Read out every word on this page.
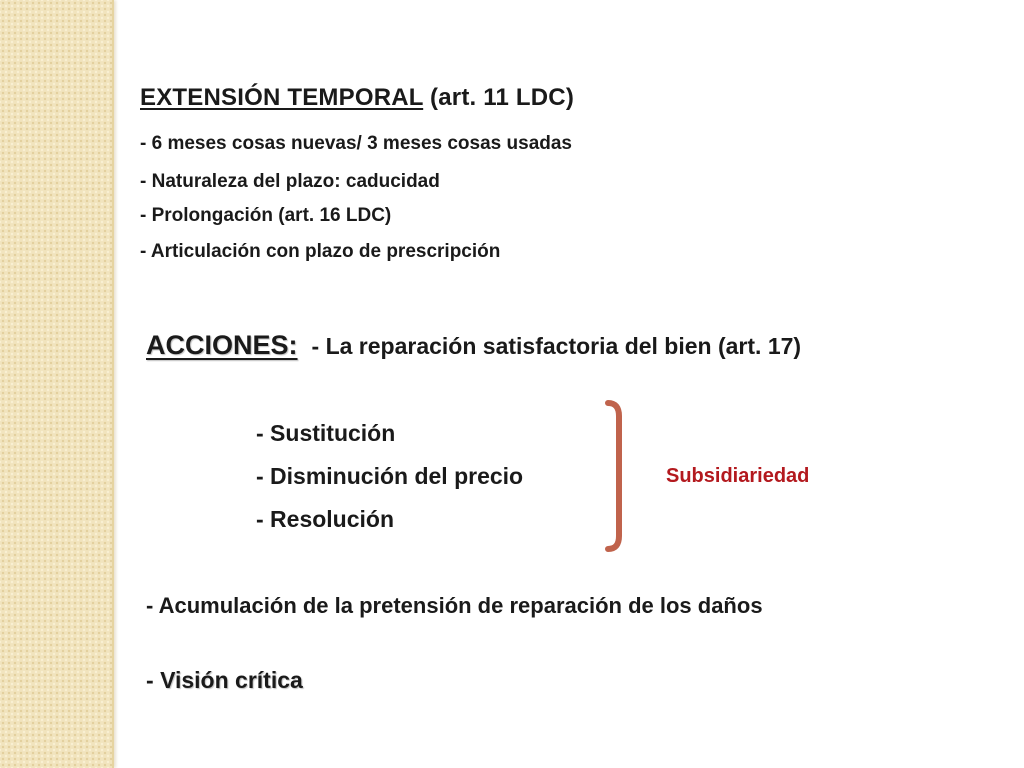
EXTENSIÓN TEMPORAL (art. 11 LDC)

- 6 meses cosas nuevas/ 3 meses cosas usadas

- Naturaleza del plazo: caducidad

- Prolongación (art. 16 LDC)

- Articulación con plazo de prescripción

ACCIONES: - La reparación satisfactoria del bien (art. 17)

- Sustitución

- Disminución del precio

- Resolución

Subsidiariedad

- Acumulación de la pretensión de reparación de los daños

- Visión crítica
